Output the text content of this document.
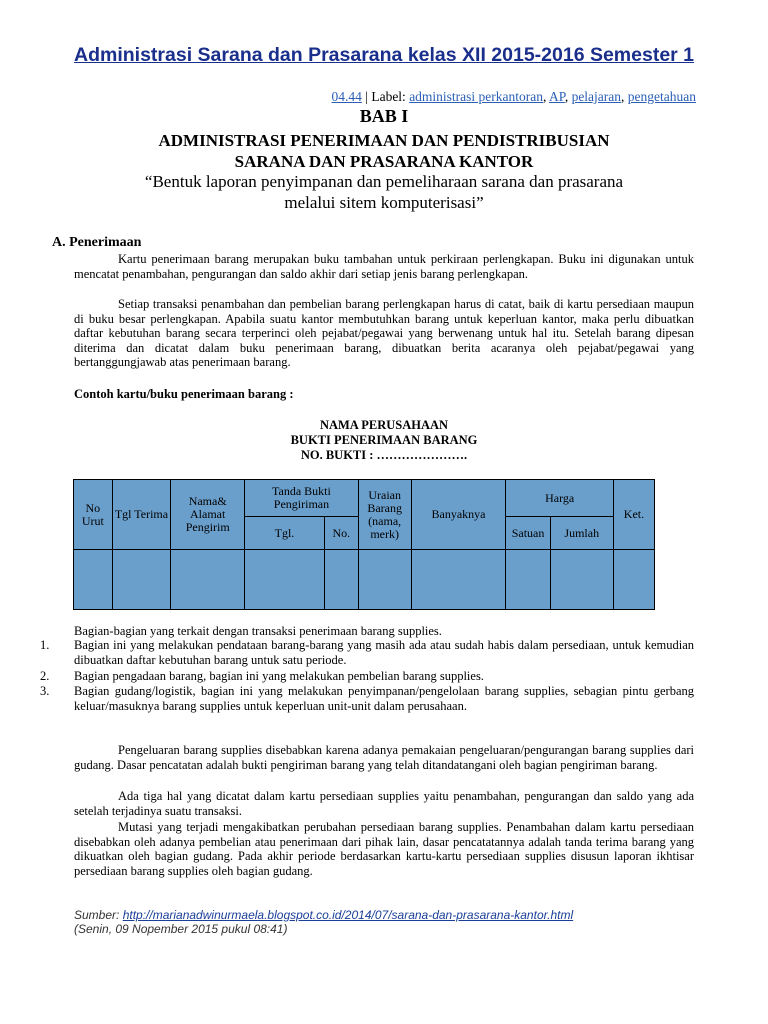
Administrasi Sarana dan Prasarana kelas XII 2015-2016 Semester 1
04.44 | Label: administrasi perkantoran, AP, pelajaran, pengetahuan
BAB I
ADMINISTRASI PENERIMAAN DAN PENDISTRIBUSIAN
SARANA DAN PRASARANA KANTOR
“Bentuk laporan penyimpanan dan pemeliharaan sarana dan prasarana
melalui sitem komputerisasi”
A. Penerimaan
Kartu penerimaan barang merupakan buku tambahan untuk perkiraan perlengkapan. Buku ini digunakan untuk mencatat penambahan, pengurangan dan saldo akhir dari setiap jenis barang perlengkapan.
Setiap transaksi penambahan dan pembelian barang perlengkapan harus di catat, baik di kartu persediaan maupun di buku besar perlengkapan. Apabila suatu kantor membutuhkan barang untuk keperluan kantor, maka perlu dibuatkan daftar kebutuhan barang secara terperinci oleh pejabat/pegawai yang berwenang untuk hal itu. Setelah barang dipesan diterima dan dicatat dalam buku penerimaan barang, dibuatkan berita acaranya oleh pejabat/pegawai yang bertanggungjawab atas penerimaan barang.
Contoh kartu/buku penerimaan barang :
NAMA PERUSAHAAN
BUKTI PENERIMAAN BARANG
NO. BUKTI : ………………….
No Urut	Tgl Terima	Nama& Alamat Pengirim	Tanda Bukti Pengiriman		Uraian Barang (nama, merk)	Banyaknya	Harga		Ket.
			Tgl.	No.			Satuan	Jumlah	

Bagian-bagian yang terkait dengan transaksi penerimaan barang supplies.
1. Bagian ini yang melakukan pendataan barang-barang yang masih ada atau sudah habis dalam persediaan, untuk kemudian dibuatkan daftar kebutuhan barang untuk satu periode.
2. Bagian pengadaan barang, bagian ini yang melakukan pembelian barang supplies.
3. Bagian gudang/logistik, bagian ini yang melakukan penyimpanan/pengelolaan barang supplies, sebagian pintu gerbang keluar/masuknya barang supplies untuk keperluan unit-unit dalam perusahaan.
Pengeluaran barang supplies disebabkan karena adanya pemakaian pengeluaran/pengurangan barang supplies dari gudang. Dasar pencatatan adalah bukti pengiriman barang yang telah ditandatangani oleh bagian pengiriman barang.
Ada tiga hal yang dicatat dalam kartu persediaan supplies yaitu penambahan, pengurangan dan saldo yang ada setelah terjadinya suatu transaksi.
Mutasi yang terjadi mengakibatkan perubahan persediaan barang supplies. Penambahan dalam kartu persediaan disebabkan oleh adanya pembelian atau penerimaan dari pihak lain, dasar pencatatannya adalah tanda terima barang yang dikuatkan oleh bagian gudang. Pada akhir periode berdasarkan kartu-kartu persediaan supplies disusun laporan ikhtisar persediaan barang supplies oleh bagian gudang.
Sumber: http://marianadwinurmaela.blogspot.co.id/2014/07/sarana-dan-prasarana-kantor.html
(Senin, 09 Nopember 2015 pukul 08:41)
